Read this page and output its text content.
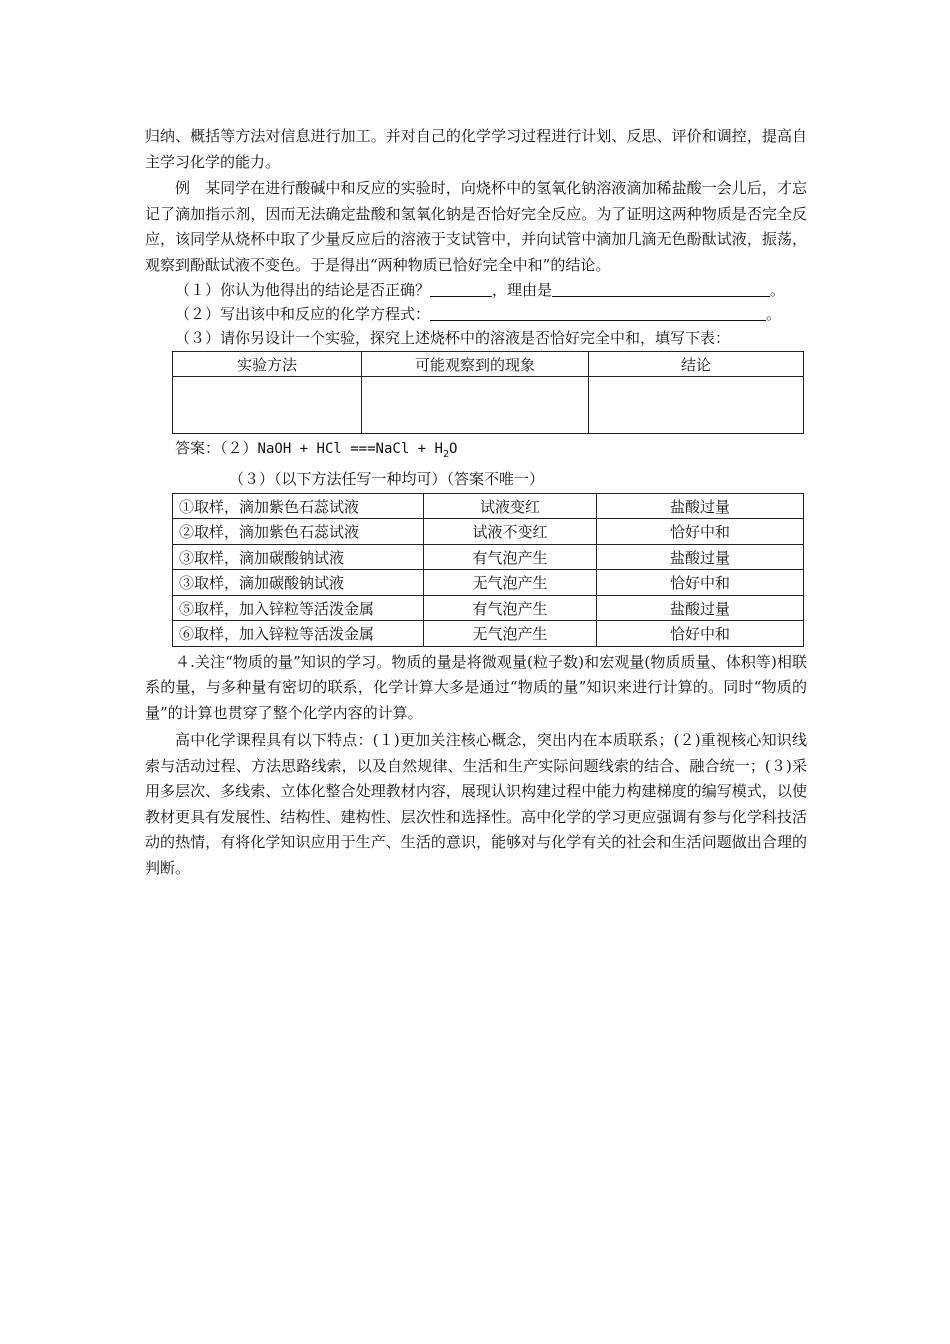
归纳、概括等方法对信息进行加工。并对自己的化学学习过程进行计划、反思、评价和调控，提高自主学习化学的能力。

例　某同学在进行酸碱中和反应的实验时，向烧杯中的氢氧化钠溶液滴加稀盐酸一会儿后，才忘记了滴加指示剂，因而无法确定盐酸和氢氧化钠是否恰好完全反应。为了证明这两种物质是否完全反应，该同学从烧杯中取了少量反应后的溶液于支试管中，并向试管中滴加几滴无色酚酞试液，振荡，观察到酚酞试液不变色。于是得出“两种物质已恰好完全中和”的结论。

（１）你认为他得出的结论是否正确？	，理由是	。

（２）写出该中和反应的化学方程式：	。

（３）请你另设计一个实验，探究上述烧杯中的溶液是否恰好完全中和，填写下表：

实验方法	可能观察到的现象	结论

答案：（２）NaOH + HCl ===NaCl + $H_2O$

（３）（以下方法任写一种均可）（答案不唯一）

①取样，滴加紫色石蕊试液	试液变红	盐酸过量
②取样，滴加紫色石蕊试液	试液不变红	恰好中和
③取样，滴加碳酸钠试液	有气泡产生	盐酸过量
③取样，滴加碳酸钠试液	无气泡产生	恰好中和
⑤取样，加入锌粒等活泼金属	有气泡产生	盐酸过量
⑥取样，加入锌粒等活泼金属	无气泡产生	恰好中和

４.关注“物质的量”知识的学习。物质的量是将微观量(粒子数)和宏观量(物质质量、体积等)相联系的量，与多种量有密切的联系，化学计算大多是通过“物质的量”知识来进行计算的。同时“物质的量”的计算也贯穿了整个化学内容的计算。

高中化学课程具有以下特点：(１)更加关注核心概念，突出内在本质联系；(２)重视核心知识线索与活动过程、方法思路线索，以及自然规律、生活和生产实际问题线索的结合、融合统一；(３)采用多层次、多线索、立体化整合处理教材内容，展现认识构建过程中能力构建梯度的编写模式，以使教材更具有发展性、结构性、建构性、层次性和选择性。高中化学的学习更应强调有参与化学科技活动的热情，有将化学知识应用于生产、生活的意识，能够对与化学有关的社会和生活问题做出合理的判断。
